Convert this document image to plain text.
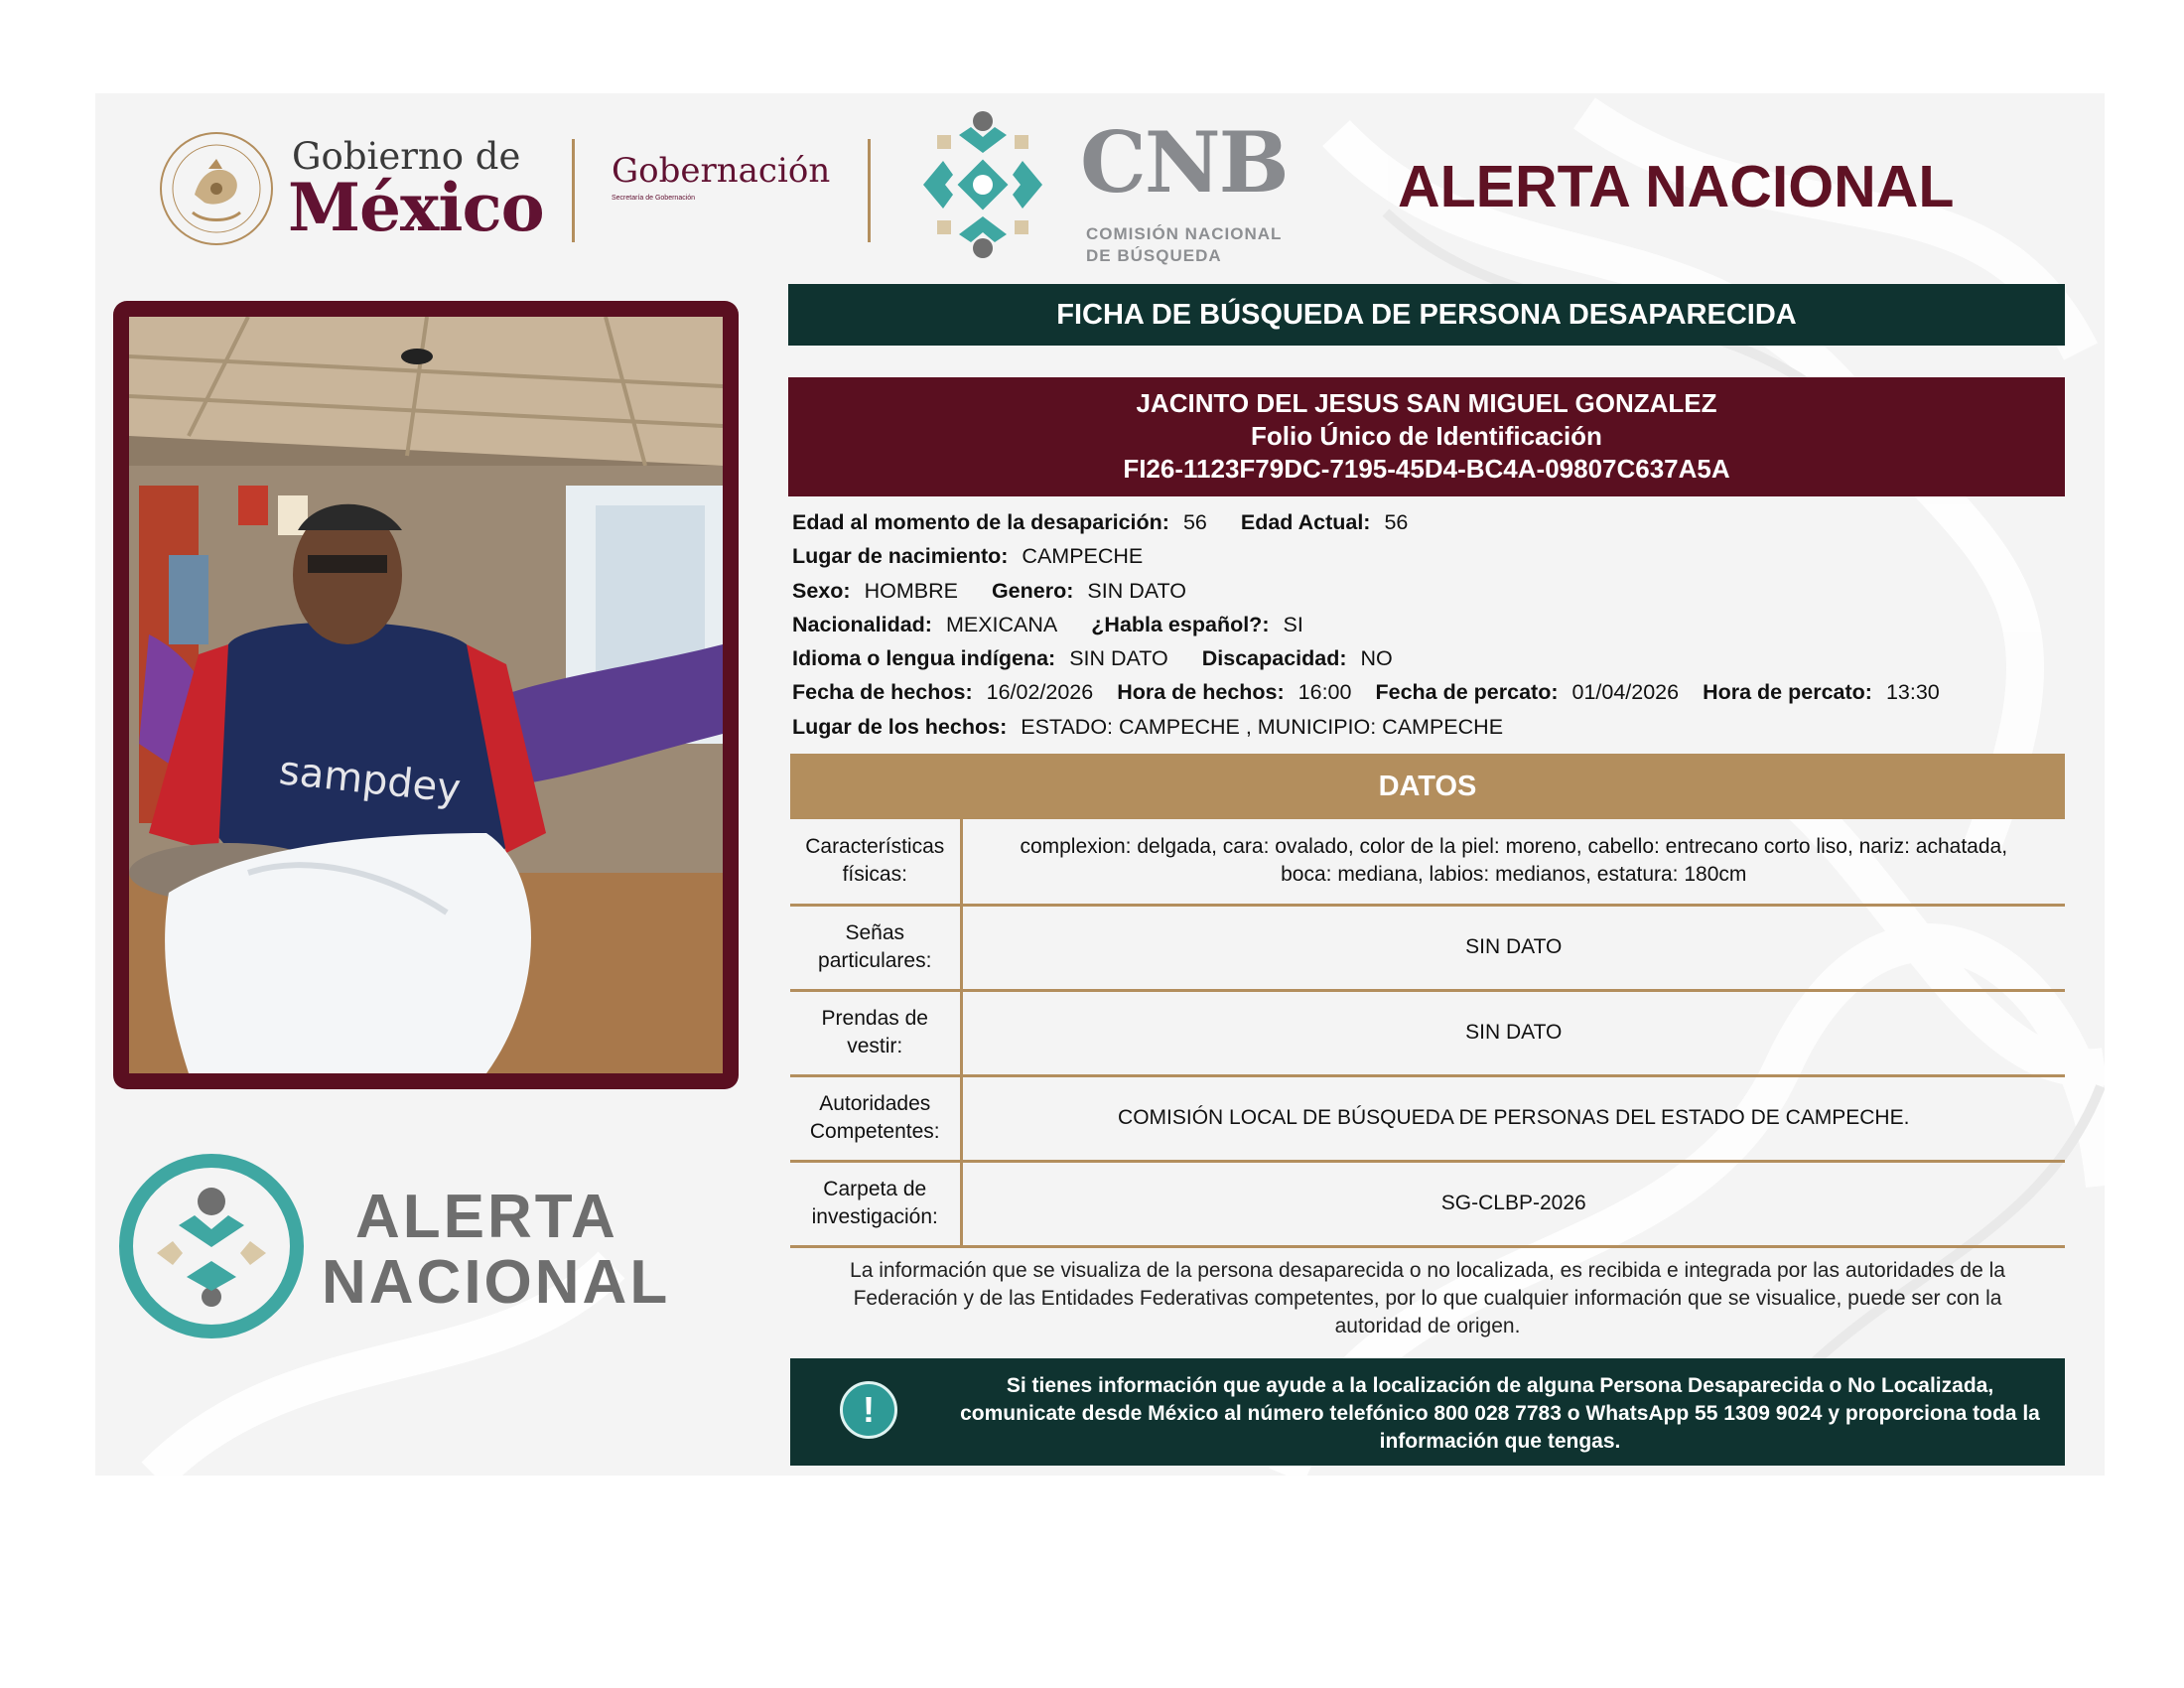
Gobierno de
México Gobernación
Secretaría de Gobernación	CNB
COMISIÓN NACIONAL
DE BÚSQUEDA
ALERTA NACIONAL
sampdey
ALERTA
NACIONAL
FICHA DE BÚSQUEDA DE PERSONA DESAPARECIDA
JACINTO DEL JESUS SAN MIGUEL GONZALEZ
Folio Único de Identificación
FI26-1123F79DC-7195-45D4-BC4A-09807C637A5A
Edad al momento de la desaparición: 56 Edad Actual: 56
Lugar de nacimiento: CAMPECHE
Sexo: HOMBRE Genero: SIN DATO
Nacionalidad: MEXICANA ¿Habla español?: SI
Idioma o lengua indígena: SIN DATO Discapacidad: NO
Fecha de hechos: 16/02/2026 Hora de hechos: 16:00 Fecha de percato: 01/04/2026 Hora de percato: 13:30
Lugar de los hechos: ESTADO: CAMPECHE , MUNICIPIO: CAMPECHE
DATOS
Características
físicas:	complexion: delgada, cara: ovalado, color de la piel: moreno, cabello: entrecano corto liso, nariz: achatada, boca: mediana, labios: medianos, estatura: 180cm
Señas
particulares:	SIN DATO
Prendas de
vestir:	SIN DATO
Autoridades
Competentes:	COMISIÓN LOCAL DE BÚSQUEDA DE PERSONAS DEL ESTADO DE CAMPECHE.
Carpeta de
investigación:	SG-CLBP-2026
La información que se visualiza de la persona desaparecida o no localizada, es recibida e integrada por las autoridades de la Federación y de las Entidades Federativas competentes, por lo que cualquier información que se visualice, puede ser con la autoridad de origen.
!
Si tienes información que ayude a la localización de alguna Persona Desaparecida o No Localizada, comunicate desde México al número telefónico 800 028 7783 o WhatsApp 55 1309 9024 y proporciona toda la información que tengas.
